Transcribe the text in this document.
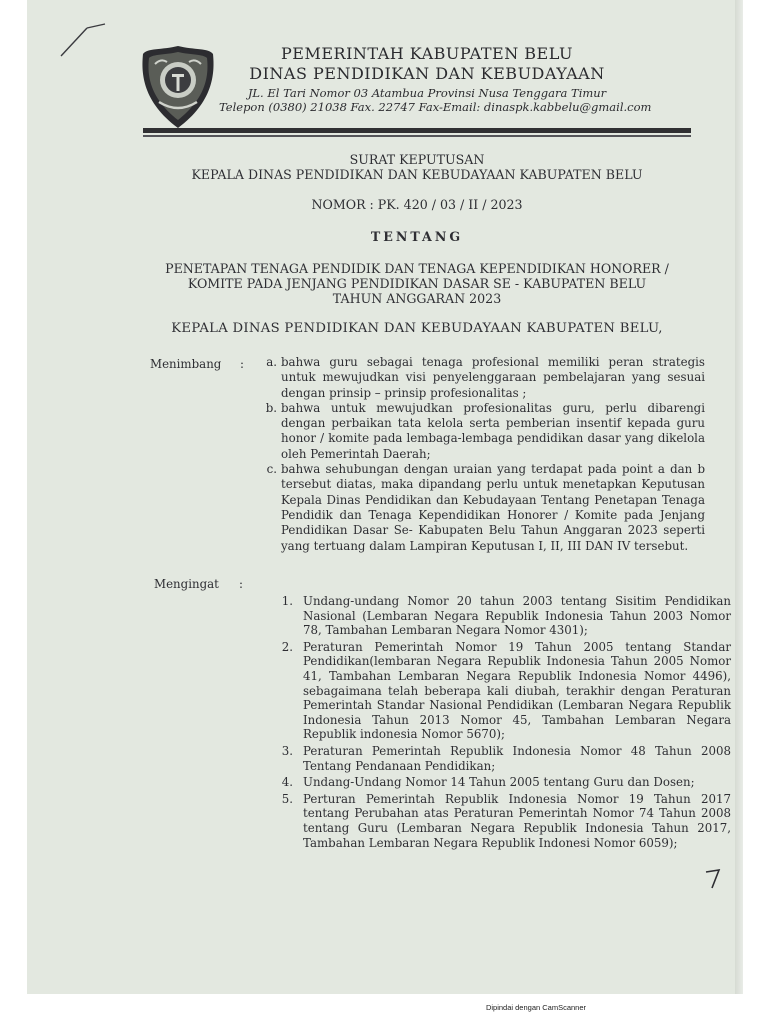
PEMERINTAH KABUPATEN BELU
DINAS PENDIDIKAN DAN KEBUDAYAAN
JL. El Tari Nomor 03 Atambua Provinsi Nusa Tenggara Timur
Telepon (0380) 21038 Fax. 22747 Fax-Email: dinaspk.kabbelu@gmail.com
SURAT KEPUTUSAN
KEPALA DINAS PENDIDIKAN DAN KEBUDAYAAN KABUPATEN BELU
NOMOR : PK. 420 / 03 / II / 2023
TENTANG
PENETAPAN TENAGA PENDIDIK DAN TENAGA KEPENDIDIKAN HONORER /
KOMITE PADA JENJANG PENDIDIKAN DASAR SE - KABUPATEN BELU
TAHUN ANGGARAN 2023
KEPALA DINAS PENDIDIKAN DAN KEBUDAYAAN KABUPATEN BELU,
Menimbang :	a. bahwa guru sebagai tenaga profesional memiliki peran strategis untuk mewujudkan visi penyelenggaraan pembelajaran yang sesuai dengan prinsip – prinsip profesionalitas ;
b. bahwa untuk mewujudkan profesionalitas guru, perlu dibarengi dengan perbaikan tata kelola serta pemberian insentif kepada guru honor / komite pada lembaga-lembaga pendidikan dasar yang dikelola oleh Pemerintah Daerah;
c. bahwa sehubungan dengan uraian yang terdapat pada point a dan b tersebut diatas, maka dipandang perlu untuk menetapkan Keputusan Kepala Dinas Pendidikan dan Kebudayaan Tentang Penetapan Tenaga Pendidik dan Tenaga Kependidikan Honorer / Komite pada Jenjang Pendidikan Dasar Se- Kabupaten Belu Tahun Anggaran 2023 seperti yang tertuang dalam Lampiran Keputusan I, II, III DAN IV tersebut.
Mengingat :
1. Undang-undang Nomor 20 tahun 2003 tentang Sisitim Pendidikan Nasional (Lembaran Negara Republik Indonesia Tahun 2003 Nomor 78, Tambahan Lembaran Negara Nomor 4301);
2. Peraturan Pemerintah Nomor 19 Tahun 2005 tentang Standar Pendidikan(lembaran Negara Republik Indonesia Tahun 2005 Nomor 41, Tambahan Lembaran Negara Republik Indonesia Nomor 4496), sebagaimana telah beberapa kali diubah, terakhir dengan Peraturan Pemerintah Standar Nasional Pendidikan (Lembaran Negara Republik Indonesia Tahun 2013 Nomor 45, Tambahan Lembaran Negara Republik indonesia Nomor 5670);
3. Peraturan Pemerintah Republik Indonesia Nomor 48 Tahun 2008 Tentang Pendanaan Pendidikan;
4. Undang-Undang Nomor 14 Tahun 2005 tentang Guru dan Dosen;
5. Perturan Pemerintah Republik Indonesia Nomor 19 Tahun 2017 tentang Perubahan atas Peraturan Pemerintah Nomor 74 Tahun 2008 tentang Guru (Lembaran Negara Republik Indonesia Tahun 2017, Tambahan Lembaran Negara Republik Indonesi Nomor 6059);
Dipindai dengan CamScanner
